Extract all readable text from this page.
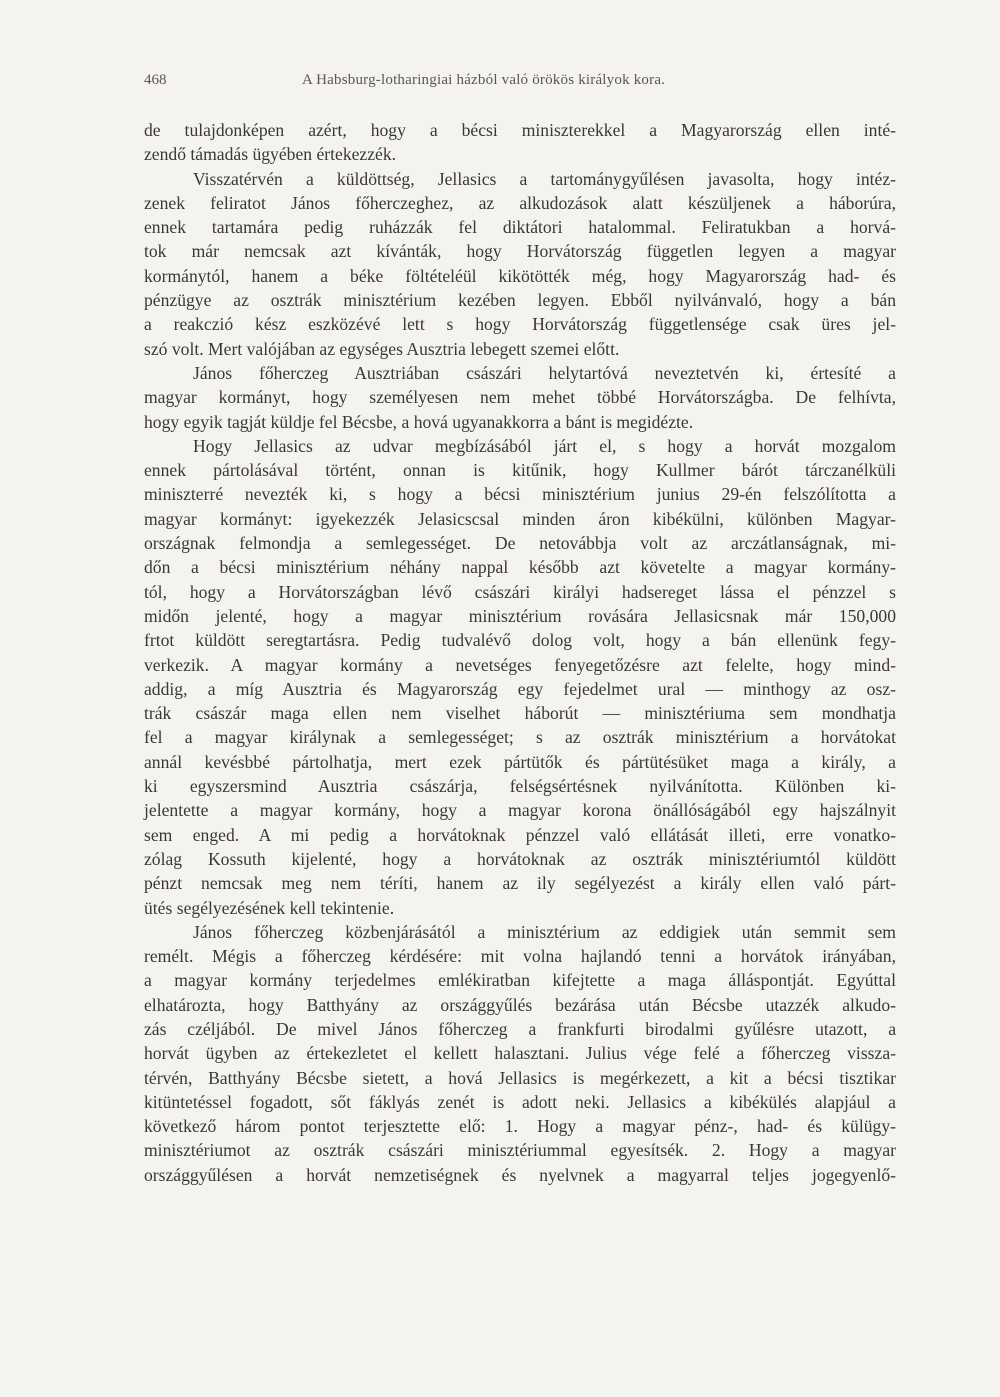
468	A Habsburg-lotharingiai házból való örökös királyok kora.
de tulajdonképen azért, hogy a bécsi miniszterekkel a Magyarország ellen inté-
zendő támadás ügyében értekezzék.
Visszatérvén a küldöttség, Jellasics a tartománygyűlésen javasolta, hogy intéz-
zenek feliratot János főherczeghez, az alkudozások alatt készüljenek a háborúra,
ennek tartamára pedig ruházzák fel diktátori hatalommal. Feliratukban a horvá-
tok már nemcsak azt kívánták, hogy Horvátország független legyen a magyar
kormánytól, hanem a béke föltételéül kikötötték még, hogy Magyarország had- és
pénzügye az osztrák minisztérium kezében legyen. Ebből nyilvánvaló, hogy a bán
a reakczió kész eszközévé lett s hogy Horvátország függetlensége csak üres jel-
szó volt. Mert valójában az egységes Ausztria lebegett szemei előtt.
János főherczeg Ausztriában császári helytartóvá neveztetvén ki, értesíté a
magyar kormányt, hogy személyesen nem mehet többé Horvátországba. De felhívta,
hogy egyik tagját küldje fel Bécsbe, a hová ugyanakkorra a bánt is megidézte.
Hogy Jellasics az udvar megbízásából járt el, s hogy a horvát mozgalom
ennek pártolásával történt, onnan is kitűnik, hogy Kullmer bárót tárczanélküli
miniszterré nevezték ki, s hogy a bécsi minisztérium junius 29-én felszólította a
magyar kormányt: igyekezzék Jelasicscsal minden áron kibékülni, különben Magyar-
országnak felmondja a semlegességet. De netovábbja volt az arczátlanságnak, mi-
dőn a bécsi minisztérium néhány nappal később azt követelte a magyar kormány-
tól, hogy a Horvátországban lévő császári királyi hadsereget lássa el pénzzel s
midőn jelenté, hogy a magyar minisztérium rovására Jellasicsnak már 150,000
frtot küldött seregtartásra. Pedig tudvalévő dolog volt, hogy a bán ellenünk fegy-
verkezik. A magyar kormány a nevetséges fenyegetőzésre azt felelte, hogy mind-
addig, a míg Ausztria és Magyarország egy fejedelmet ural — minthogy az osz-
trák császár maga ellen nem viselhet háborút — minisztériuma sem mondhatja
fel a magyar királynak a semlegességet; s az osztrák minisztérium a horvátokat
annál kevésbbé pártolhatja, mert ezek pártütők és pártütésüket maga a király, a
ki egyszersmind Ausztria császárja, felségsértésnek nyilvánította. Különben ki-
jelentette a magyar kormány, hogy a magyar korona önállóságából egy hajszálnyit
sem enged. A mi pedig a horvátoknak pénzzel való ellátását illeti, erre vonatko-
zólag Kossuth kijelenté, hogy a horvátoknak az osztrák minisztériumtól küldött
pénzt nemcsak meg nem téríti, hanem az ily segélyezést a király ellen való párt-
ütés segélyezésének kell tekintenie.
János főherczeg közbenjárásától a minisztérium az eddigiek után semmit sem
remélt. Mégis a főherczeg kérdésére: mit volna hajlandó tenni a horvátok irányában,
a magyar kormány terjedelmes emlékiratban kifejtette a maga álláspontját. Egyúttal
elhatározta, hogy Batthyány az országgyűlés bezárása után Bécsbe utazzék alkudo-
zás czéljából. De mivel János főherczeg a frankfurti birodalmi gyűlésre utazott, a
horvát ügyben az értekezletet el kellett halasztani. Julius vége felé a főherczeg vissza-
térvén, Batthyány Bécsbe sietett, a hová Jellasics is megérkezett, a kit a bécsi tisztikar
kitüntetéssel fogadott, sőt fáklyás zenét is adott neki. Jellasics a kibékülés alapjául a
következő három pontot terjesztette elő: 1. Hogy a magyar pénz-, had- és külügy-
minisztériumot az osztrák császári minisztériummal egyesítsék. 2. Hogy a magyar
országgyűlésen a horvát nemzetiségnek és nyelvnek a magyarral teljes jogegyenlő-
